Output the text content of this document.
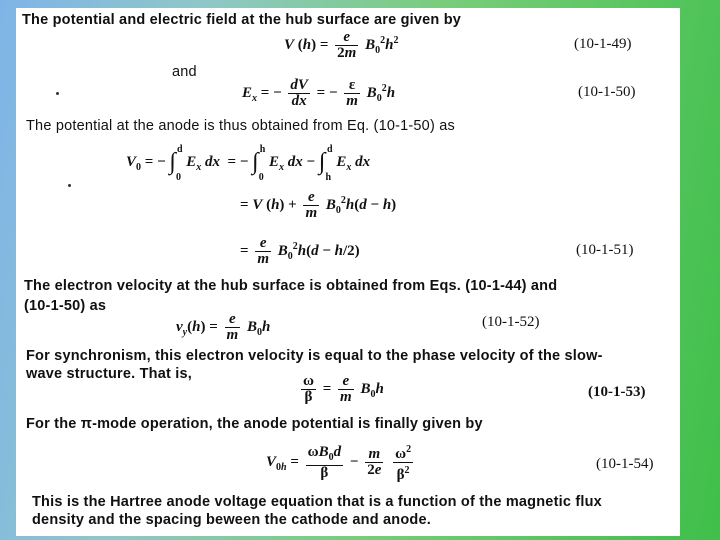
The potential and electric field at the hub surface are given by
V $(h) = \frac{e}{2m} B_0^2h^2$	(10-1-49)
and
$E_x$ = − $\frac{dV}{dx}$ = − $\frac{\varepsilon}{m} B_0^2h$	(10-1-50)
The potential at the anode is thus obtained from Eq. (10-1-50) as
$V_0$ = − $\int_0^d$ $E_x$ dx  = − $\int_0^h$ $E_x$ dx − $\int_h^d$ $E_x$ dx
= V $(h) + \frac{e}{m} B_0^2h(d - h)$
= $\frac{e}{m} B_0^2h(d - h/2)$	(10-1-51)
The electron velocity at the hub surface is obtained from Eqs. (10-1-44) and
(10-1-50) as
$\nu_y(h) = \frac{e}{m} B_0h$	(10-1-52)
For synchronism, this electron velocity is equal to the phase velocity of the slow-
wave structure. That is,	$\frac{\omega}{\beta} = \frac{e}{m} B_0h$	(10-1-53)
For the π-mode operation, the anode potential is finally given by
$V_{0h} = \frac{\omega B_0d}{\beta} - \frac{m}{2e}$
$\frac{\omega^2}{\beta^2}$	(10-1-54)
This is the Hartree anode voltage equation that is a function of the magnetic flux
density and the spacing beween the cathode and anode.
